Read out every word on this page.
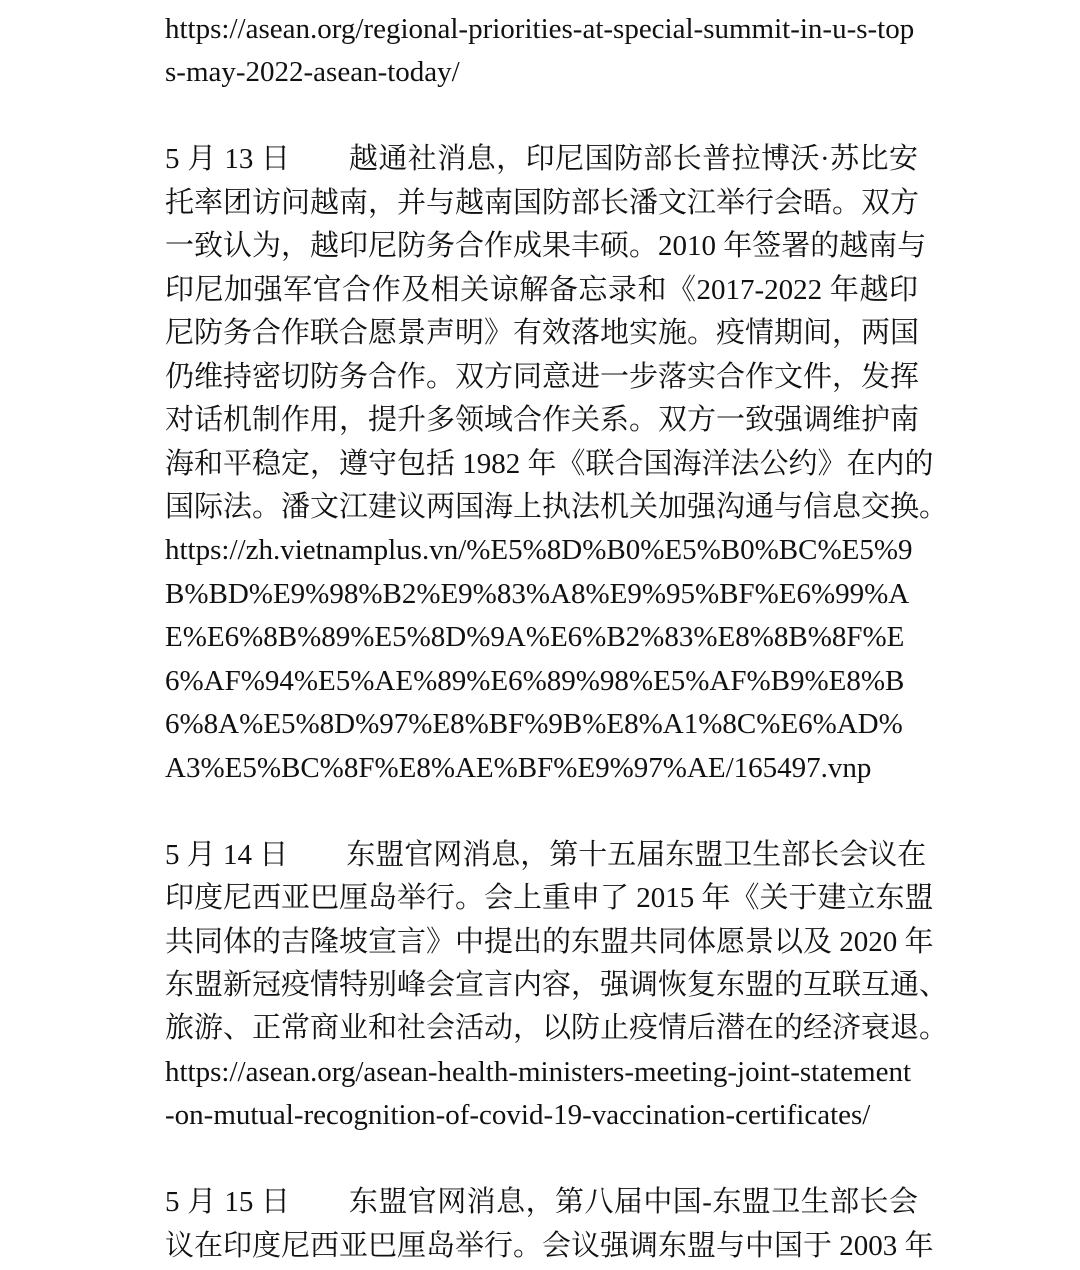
https://asean.org/regional-priorities-at-special-summit-in-u-s-top
s-may-2022-asean-today/
5 月 13 日 越通社消息，印尼国防部长普拉博沃·苏比安
托率团访问越南，并与越南国防部长潘文江举行会晤。双方
一致认为，越印尼防务合作成果丰硕。2010 年签署的越南与
印尼加强军官合作及相关谅解备忘录和《2017-2022 年越印
尼防务合作联合愿景声明》有效落地实施。疫情期间，两国
仍维持密切防务合作。双方同意进一步落实合作文件，发挥
对话机制作用，提升多领域合作关系。双方一致强调维护南
海和平稳定，遵守包括 1982 年《联合国海洋法公约》在内的
国际法。潘文江建议两国海上执法机关加强沟通与信息交换。
https://zh.vietnamplus.vn/%E5%8D%B0%E5%B0%BC%E5%9
B%BD%E9%98%B2%E9%83%A8%E9%95%BF%E6%99%A
E%E6%8B%89%E5%8D%9A%E6%B2%83%E8%8B%8F%E
6%AF%94%E5%AE%89%E6%89%98%E5%AF%B9%E8%B
6%8A%E5%8D%97%E8%BF%9B%E8%A1%8C%E6%AD%
A3%E5%BC%8F%E8%AE%BF%E9%97%AE/165497.vnp
5 月 14 日 东盟官网消息，第十五届东盟卫生部长会议在
印度尼西亚巴厘岛举行。会上重申了 2015 年《关于建立东盟
共同体的吉隆坡宣言》中提出的东盟共同体愿景以及 2020 年
东盟新冠疫情特别峰会宣言内容，强调恢复东盟的互联互通、
旅游、正常商业和社会活动，以防止疫情后潜在的经济衰退。
https://asean.org/asean-health-ministers-meeting-joint-statement
-on-mutual-recognition-of-covid-19-vaccination-certificates/
5 月 15 日 东盟官网消息，第八届中国-东盟卫生部长会
议在印度尼西亚巴厘岛举行。会议强调东盟与中国于 2003 年
